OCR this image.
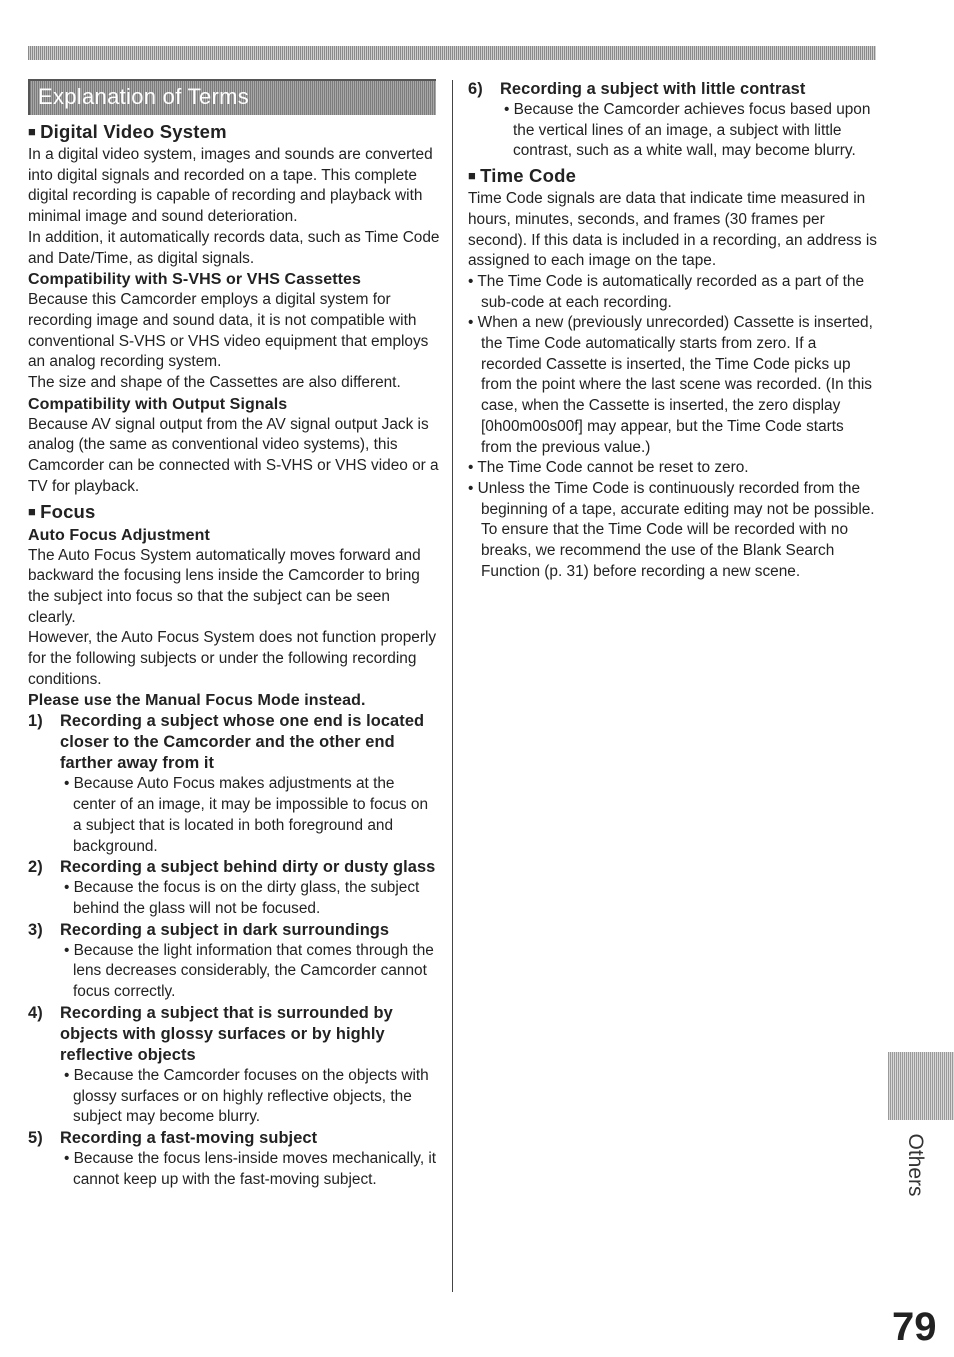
Explanation of Terms
■ Digital Video System
In a digital video system, images and sounds are converted into digital signals and recorded on a tape. This complete digital recording is capable of recording and playback with minimal image and sound deterioration.
In addition, it automatically records data, such as Time Code and Date/Time, as digital signals.
Compatibility with S-VHS or VHS Cassettes
Because this Camcorder employs a digital system for recording image and sound data, it is not compatible with conventional S-VHS or VHS video equipment that employs an analog recording system.
The size and shape of the Cassettes are also different.
Compatibility with Output Signals
Because AV signal output from the AV signal output Jack is analog (the same as conventional video systems), this Camcorder can be connected with S-VHS or VHS video or a TV for playback.
■ Focus
Auto Focus Adjustment
The Auto Focus System automatically moves forward and backward the focusing lens inside the Camcorder to bring the subject into focus so that the subject can be seen clearly.
However, the Auto Focus System does not function properly for the following subjects or under the following recording conditions.
Please use the Manual Focus Mode instead.
1) Recording a subject whose one end is located closer to the Camcorder and the other end farther away from it
• Because Auto Focus makes adjustments at the center of an image, it may be impossible to focus on a subject that is located in both foreground and background.
2) Recording a subject behind dirty or dusty glass
• Because the focus is on the dirty glass, the subject behind the glass will not be focused.
3) Recording a subject in dark surroundings
• Because the light information that comes through the lens decreases considerably, the Camcorder cannot focus correctly.
4) Recording a subject that is surrounded by objects with glossy surfaces or by highly reflective objects
• Because the Camcorder focuses on the objects with glossy surfaces or on highly reflective objects, the subject may become blurry.
5) Recording a fast-moving subject
• Because the focus lens-inside moves mechanically, it cannot keep up with the fast-moving subject.
6) Recording a subject with little contrast
• Because the Camcorder achieves focus based upon the vertical lines of an image, a subject with little contrast, such as a white wall, may become blurry.
■ Time Code
Time Code signals are data that indicate time measured in hours, minutes, seconds, and frames (30 frames per second). If this data is included in a recording, an address is assigned to each image on the tape.
• The Time Code is automatically recorded as a part of the sub-code at each recording.
• When a new (previously unrecorded) Cassette is inserted, the Time Code automatically starts from zero. If a recorded Cassette is inserted, the Time Code picks up from the point where the last scene was recorded. (In this case, when the Cassette is inserted, the zero display [0h00m00s00f] may appear, but the Time Code starts from the previous value.)
• The Time Code cannot be reset to zero.
• Unless the Time Code is continuously recorded from the beginning of a tape, accurate editing may not be possible. To ensure that the Time Code will be recorded with no breaks, we recommend the use of the Blank Search Function (p. 31) before recording a new scene.
Others
79
